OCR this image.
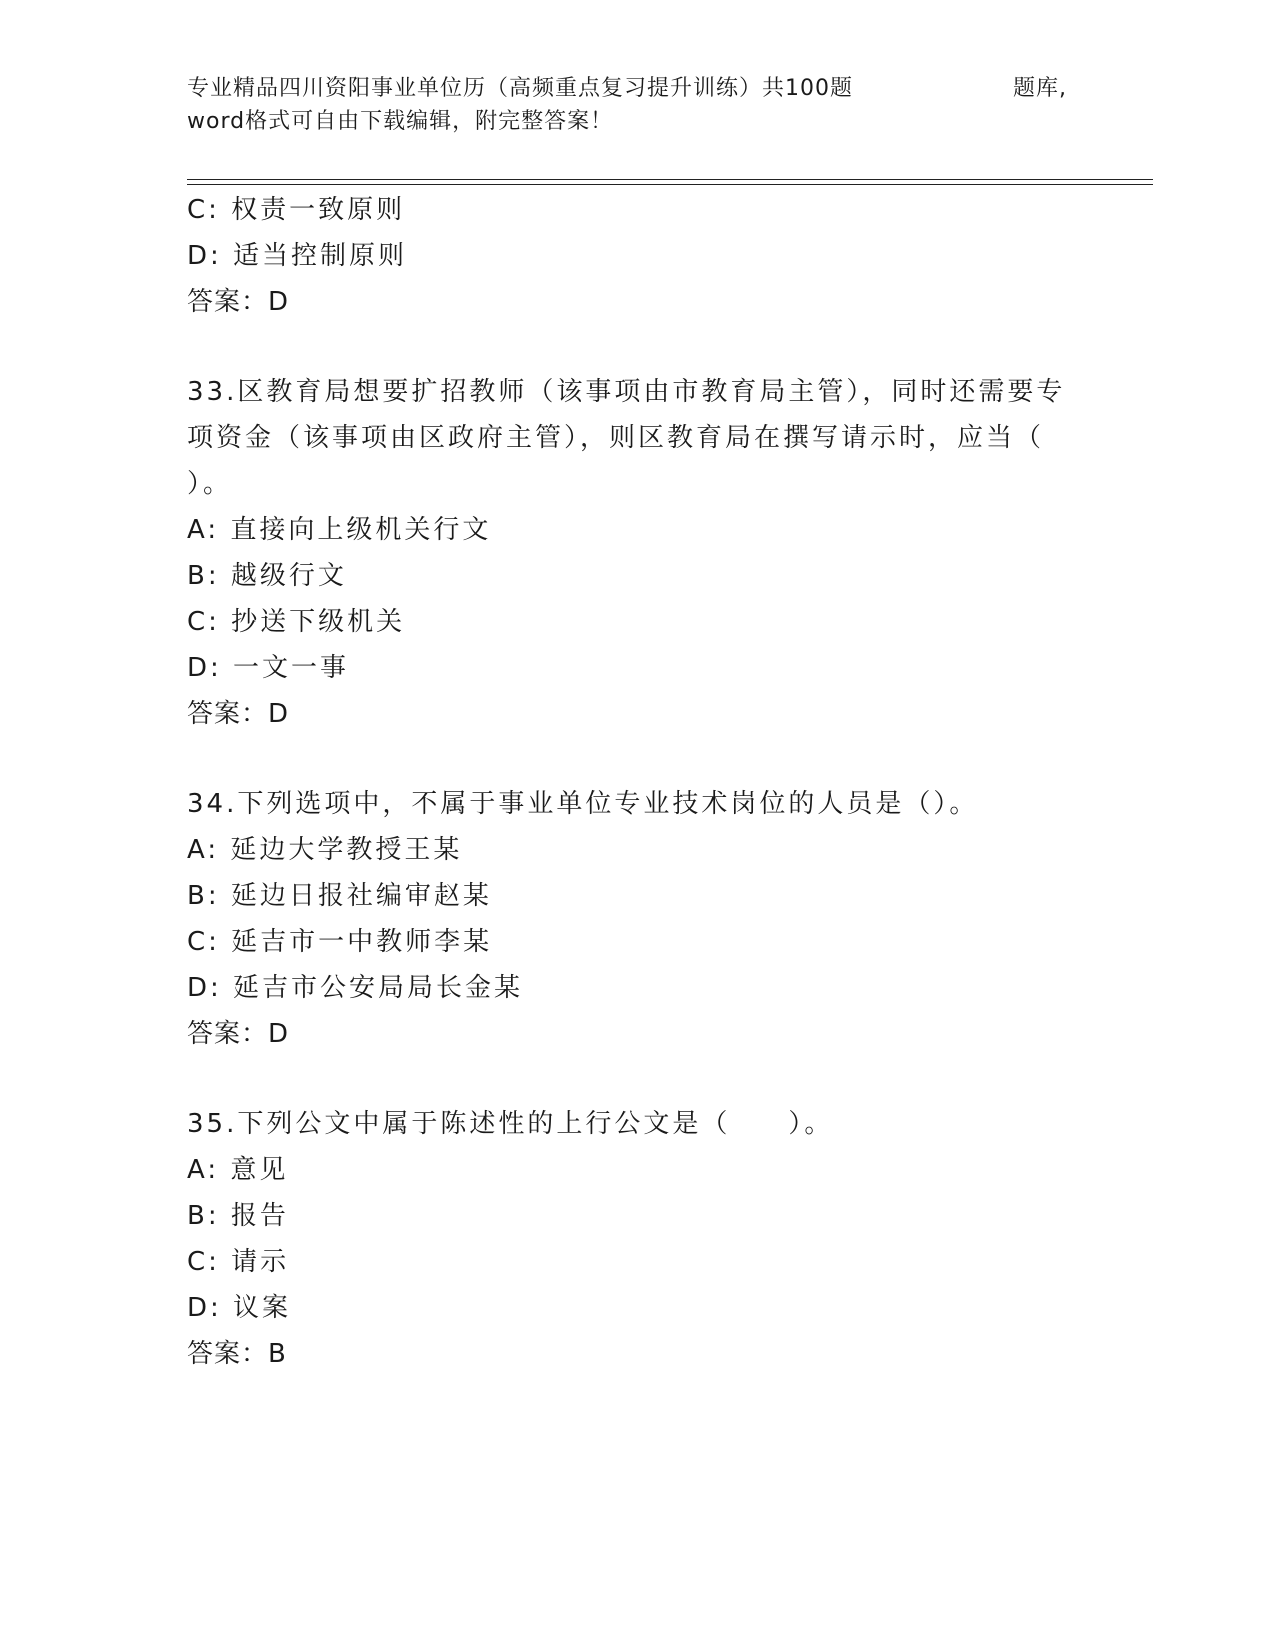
专业精品四川资阳事业单位历（高频重点复习提升训练）共100题	题库,
word格式可自由下载编辑，附完整答案！
C: 权责一致原则
D: 适当控制原则
答案：D
33.区教育局想要扩招教师（该事项由市教育局主管），同时还需要专
项资金（该事项由区政府主管），则区教育局在撰写请示时，应当（
）。
A: 直接向上级机关行文
B: 越级行文
C: 抄送下级机关
D: 一文一事
答案：D
34.下列选项中，不属于事业单位专业技术岗位的人员是（）。
A: 延边大学教授王某
B: 延边日报社编审赵某
C: 延吉市一中教师李某
D: 延吉市公安局局长金某
答案：D
35.下列公文中属于陈述性的上行公文是（　　）。
A: 意见
B: 报告
C: 请示
D: 议案
答案：B
